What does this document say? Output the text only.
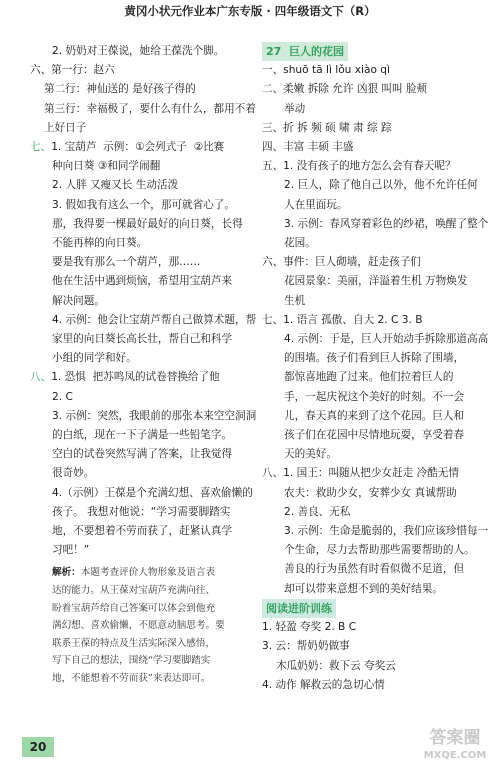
黄冈小状元作业本广东专版 · 四年级语文下（R）
2. 奶奶对王葆说，她给王葆洗个脚。
六、第一行：赵六
第二行：神仙送的 是好孩子得的
第三行：幸福极了，要什么有什么，都用不着
上好日子
七、1. 宝葫芦  示例：①会列式子  ②比赛
种向日葵 ③和同学闹翻
2. 人胖 又瘦又长 生动活泼
3. 假如我有这么一个，那可就省心了。
那，我得要一棵最好最好的向日葵，长得
不能再棒的向日葵。
要是我有那么一个葫芦，那……
他在生活中遇到烦恼，希望用宝葫芦来
解决问题。
4. 示例：他会让宝葫芦帮自己做算术题，帮
家里的向日葵长高长壮，帮自己和科学
小组的同学和好。
八、1. 恐惧  把苏鸣凤的试卷替换给了他
2. C
3. 示例：突然，我眼前的那张本来空空洞洞
的白纸，现在一下子满是一些铅笔字。
空白的试卷突然写满了答案，让我觉得
很奇妙。
4.（示例）王葆是个充满幻想、喜欢偷懒的
孩子。 我想对他说：“学习需要脚踏实
地，不要想着不劳而获了，赶紧认真学
习吧！”
解析：本题考查评价人物形象及语言表
达的能力。从王葆对宝葫芦充满向往、
盼着宝葫芦给自己答案可以体会到他充
满幻想、喜欢偷懒，不愿意动脑思考。要
联系王葆的特点及生活实际深入感悟，
写下自己的想法，围绕“学习要脚踏实
地，不能想着不劳而获”来表达即可。
27 巨人的花园
一、shuō tā lì lǒu xiào qì
二、柔嫩 拆除 允许 凶狠 叫叫 脸颊
举动
三、折 拆 频 硕 啸 肃 综 踪
四、丰富 丰硕 丰盛
五、1. 没有孩子的地方怎么会有春天呢？
2. 巨人，除了他自己以外，他不允许任何
人在里面玩。
3. 示例：春风穿着彩色的纱裙，唤醒了整个
花园。
六、事件：巨人砌墙，赶走孩子们
花园景象：美丽，洋溢着生机 万物焕发
生机
七、1. 语言 孤傲、自大 2. C 3. B
4. 示例：于是，巨人开始动手拆除那道高高
的围墙。孩子们看到巨人拆除了围墙，
都惊喜地跑了过来。他们拉着巨人的
手，一起庆祝这个美好的时刻。不一会
儿，春天真的来到了这个花园。巨人和
孩子们在花园中尽情地玩耍，享受着春
天的美好。
八、1. 国王：叫随从把少女赶走 冷酷无情
农夫：救助少女，安葬少女 真诚帮助
2. 善良、无私
3. 示例：生命是脆弱的，我们应该珍惜每一
个生命，尽力去帮助那些需要帮助的人。
善良的行为虽然有时看似微不足道，但
却可以带来意想不到的美好结果。
阅读进阶训练
1. 轻盈 夸奖 2. B C
3. 云：帮奶奶做事
木瓜奶奶：救下云 夸奖云
4. 动作 解救云的急切心情
20	答案圈
MXQE.COM
